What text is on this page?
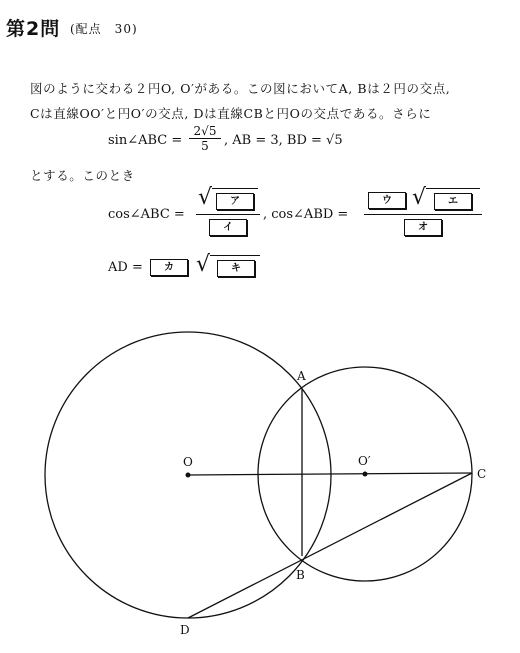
第2問 (配点　30)
図のように交わる２円O, O′がある。この図においてA, Bは２円の交点,
Cは直線OO′と円O′の交点, Dは直線CBと円Oの交点である。さらに
sin∠ABC =
2√5
5 , AB = 3, BD = √5
とする。このとき
cos∠ABC =
√	ア
イ
, cos∠ABD =
ウ √	エ
オ
AD =	カ	√	キ
A
B
C
D
O	O′
